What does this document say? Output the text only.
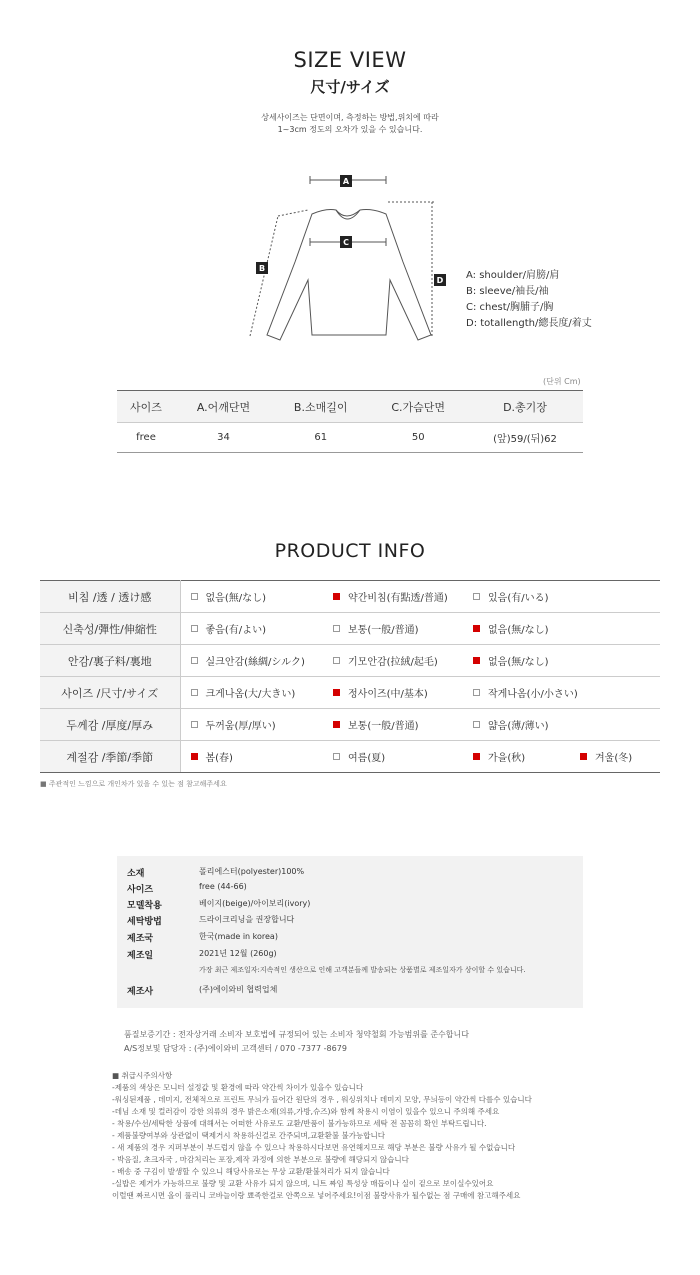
SIZE VIEW
尺寸/サイズ
상세사이즈는 단면이며, 측정하는 방법,위치에 따라
1~3cm 정도의 오차가 있을 수 있습니다.
A
C
B
D A: shoulder/肩膀/肩
B: sleeve/袖長/袖
C: chest/胸脯子/胸
D: totallength/總長度/着丈
(단위 Cm)
사이즈	A.어깨단면	B.소매길이	C.가슴단면	D.총기장
free	34	61	50	(앞)59/(뒤)62
PRODUCT INFO
비침 /透 / 透け感	없음(無/なし)	약간비침(有點透/普通)	있음(有/いる)	

신축성/彈性/伸縮性	좋음(有/よい)	보통(一般/普通)	없음(無/なし)	

안감/裏子料/裏地	실크안감(絲綢/シルク)	기모안감(拉絨/起毛)	없음(無/なし)	

사이즈 /尺寸/サイズ	크게나옴(大/大きい)	정사이즈(中/基本)	작게나옴(小/小さい)	

두께감 /厚度/厚み	두꺼움(厚/厚い)	보통(一般/普通)	얇음(薄/薄い)	

계절감 /季節/季節	봄(春)	여름(夏)	가을(秋)	겨울(冬)
■ 주관적인 느낌으로 개인차가 있을 수 있는 점 참고해주세요
소재	폴리에스터(polyester)100%
사이즈	free (44-66)
모델착용	베이지(beige)/아이보리(ivory)
세탁방법	드라이크리닝을 권장합니다
제조국	한국(made in korea)
제조일	2021년 12월 (260g)
제조사	(주)에이와비 협력업체
가장 최근 제조일자:지속적인 생산으로 인해 고객분들께 발송되는 상품별로 제조일자가 상이할 수 있습니다.
품질보증기간 : 전자상거래 소비자 보호법에 규정되어 있는 소비자 청약철회 가능범위를 준수합니다
A/S정보및 담당자 : (주)에이와비 고객센터 / 070 -7377 -8679
■ 취급시주의사항
-제품의 색상은 모니터 설정값 및 환경에 따라 약간씩 차이가 있을수 있습니다
-워싱된제품 , 데미지, 전체적으로 프린트 무늬가 들어간 원단의 경우 , 워싱위치나 데미지 모양, 무늬등이 약간씩 다를수 있습니다
-데님 소재 및 컬러감이 강한 의류의 경우 밝은소재(의류,가방,슈즈)와 함께 착용시 이염이 있을수 있으니 주의해 주세요
- 착용/수선/세탁한 상품에 대해서는 어떠한 사유로도 교환/반품이 불가능하므로 세탁 전 꼼꼼히 확인 부탁드립니다.
- 제품불량여부와 상관없이 택제거시 착용하신걸로 간주되며,교환환불 불가능합니다
- 새 제품의 경우 지퍼부분이 부드럽지 않을 수 있으나 착용하시다보면 유연해지므로 해당 부분은 불량 사유가 될 수없습니다
- 박음질, 초크자국 , 마감처리는 포장,제작 과정에 의한 부분으로 불량에 해당되지 않습니다
- 배송 중 구김이 발생할 수 있으니 해당사유로는 무상 교환/환불처리가 되지 않습니다
-실밥은 제거가 가능하므로 불량 및 교환 사유가 되지 않으며, 니트 짜임 특성상 매듭이나 실이 겉으로 보이실수있어요
이럴땐 짜르시면 올이 풀리니 코바늘이랑 뾰족한걸로 안쪽으로 넣어주세요!이점 불량사유가 될수없는 점 구매에 참고해주세요
